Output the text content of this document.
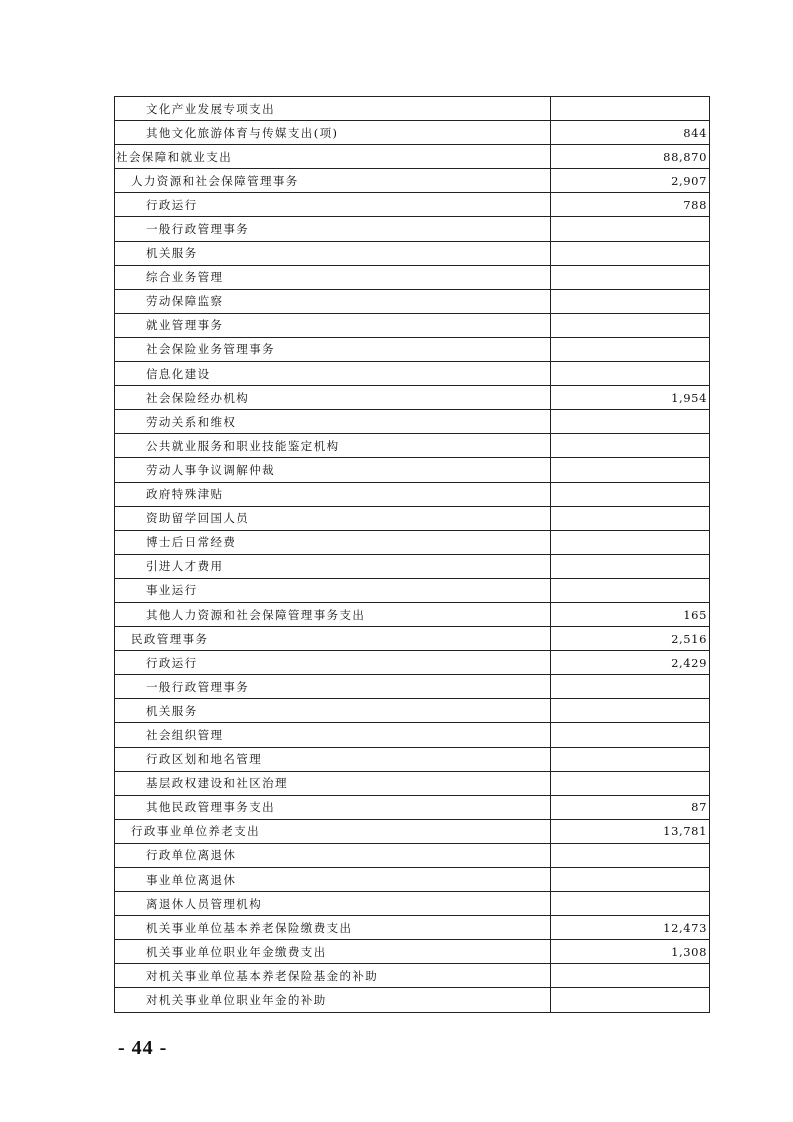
文化产业发展专项支出	
其他文化旅游体育与传媒支出(项)	844
社会保障和就业支出	88,870
人力资源和社会保障管理事务	2,907
行政运行	788
一般行政管理事务	
机关服务	
综合业务管理	
劳动保障监察	
就业管理事务	
社会保险业务管理事务	
信息化建设	
社会保险经办机构	1,954
劳动关系和维权	
公共就业服务和职业技能鉴定机构	
劳动人事争议调解仲裁	
政府特殊津贴	
资助留学回国人员	
博士后日常经费	
引进人才费用	
事业运行	
其他人力资源和社会保障管理事务支出	165
民政管理事务	2,516
行政运行	2,429
一般行政管理事务	
机关服务	
社会组织管理	
行政区划和地名管理	
基层政权建设和社区治理	
其他民政管理事务支出	87
行政事业单位养老支出	13,781
行政单位离退休	
事业单位离退休	
离退休人员管理机构	
机关事业单位基本养老保险缴费支出	12,473
机关事业单位职业年金缴费支出	1,308
对机关事业单位基本养老保险基金的补助	
对机关事业单位职业年金的补助	
- 44 -
